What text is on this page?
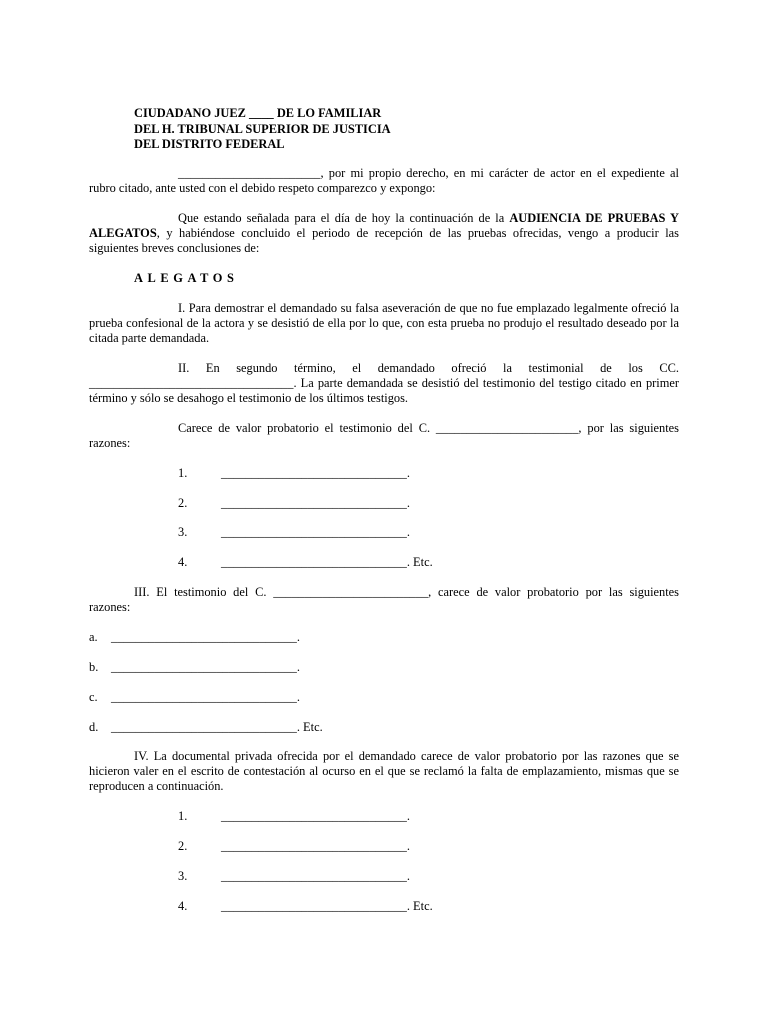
CIUDADANO JUEZ ____ DE LO FAMILIAR
DEL H. TRIBUNAL SUPERIOR DE JUSTICIA
DEL DISTRITO FEDERAL
_______________________, por mi propio derecho, en mi carácter de actor en el expediente al
rubro citado, ante usted con el debido respeto comparezco y expongo:
Que estando señalada para el día de hoy la continuación de la AUDIENCIA DE PRUEBAS Y ALEGATOS, y habiéndose concluido el periodo de recepción de las pruebas ofrecidas, vengo a producir las siguientes breves conclusiones de:
ALEGATOS
I. Para demostrar el demandado su falsa aseveración de que no fue emplazado legalmente ofreció la prueba confesional de la actora y se desistió de ella por lo que, con esta prueba no produjo el resultado deseado por la citada parte demandada.
II. En segundo término, el demandado ofreció la testimonial de los CC.
_________________________________. La parte demandada se desistió del testimonio del testigo citado en primer término y sólo se desahogo el testimonio de los últimos testigos.
Carece de valor probatorio el testimonio del C. _______________________, por las siguientes razones:
1.	______________________________.
2.	______________________________.
3.	______________________________.
4.	______________________________. Etc.
III. El testimonio del C. _________________________, carece de valor probatorio por las siguientes razones:
a. ______________________________.
b. ______________________________.
c. ______________________________.
d. ______________________________. Etc.
IV. La documental privada ofrecida por el demandado carece de valor probatorio por las razones que se hicieron valer en el escrito de contestación al ocurso en el que se reclamó la falta de emplazamiento, mismas que se reproducen a continuación.
1.	______________________________.
2.	______________________________.
3.	______________________________.
4.	______________________________. Etc.
